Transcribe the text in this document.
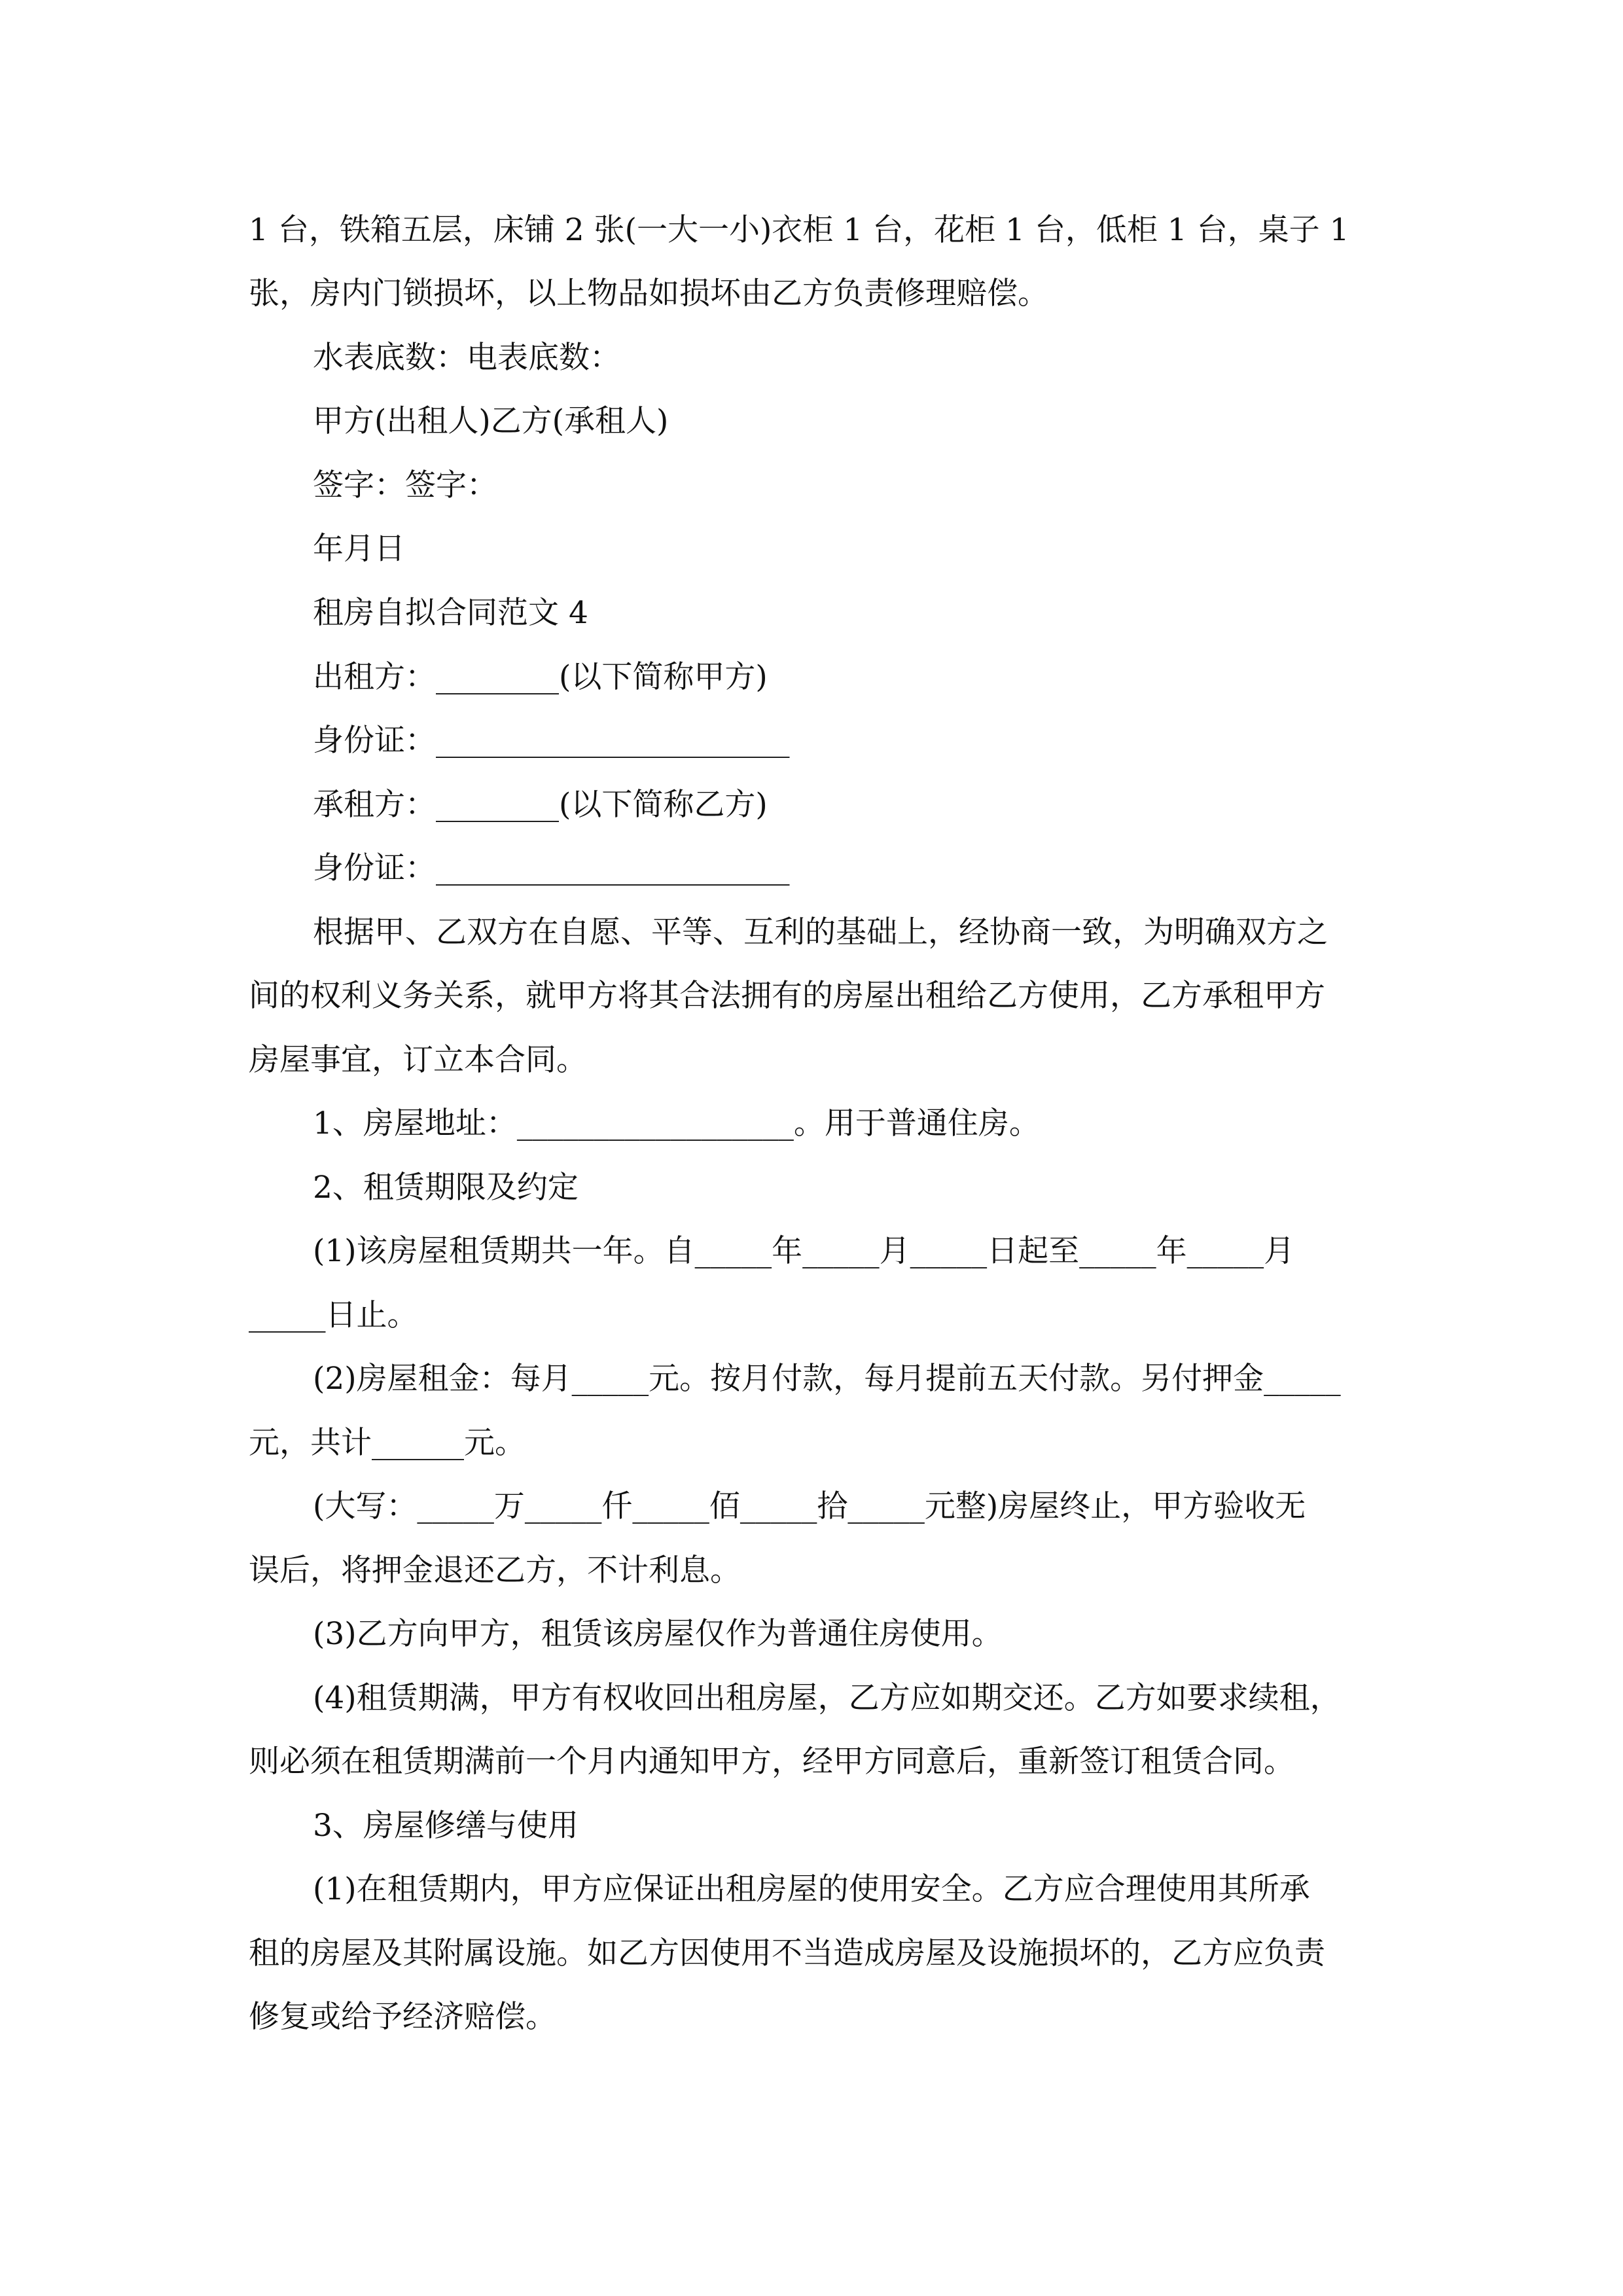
1 台，铁箱五层，床铺 2 张(一大一小)衣柜 1 台，花柜 1 台，低柜 1 台，桌子 1
张，房内门锁损坏，以上物品如损坏由乙方负责修理赔偿。
水表底数：电表底数：
甲方(出租人)乙方(承租人)
签字：签字：
年月日
租房自拟合同范文 4
出租方：________(以下简称甲方)
身份证：_______________________
承租方：________(以下简称乙方)
身份证：_______________________
根据甲、乙双方在自愿、平等、互利的基础上，经协商一致，为明确双方之
间的权利义务关系，就甲方将其合法拥有的房屋出租给乙方使用，乙方承租甲方
房屋事宜，订立本合同。
1、房屋地址：__________________。用于普通住房。
2、租赁期限及约定
(1)该房屋租赁期共一年。自_____年_____月_____日起至_____年_____月
_____日止。
(2)房屋租金：每月_____元。按月付款，每月提前五天付款。另付押金_____
元，共计______元。
(大写：_____万_____仟_____佰_____拾_____元整)房屋终止，甲方验收无
误后，将押金退还乙方，不计利息。
(3)乙方向甲方，租赁该房屋仅作为普通住房使用。
(4)租赁期满，甲方有权收回出租房屋，乙方应如期交还。乙方如要求续租，
则必须在租赁期满前一个月内通知甲方，经甲方同意后，重新签订租赁合同。
3、房屋修缮与使用
(1)在租赁期内，甲方应保证出租房屋的使用安全。乙方应合理使用其所承
租的房屋及其附属设施。如乙方因使用不当造成房屋及设施损坏的，乙方应负责
修复或给予经济赔偿。
